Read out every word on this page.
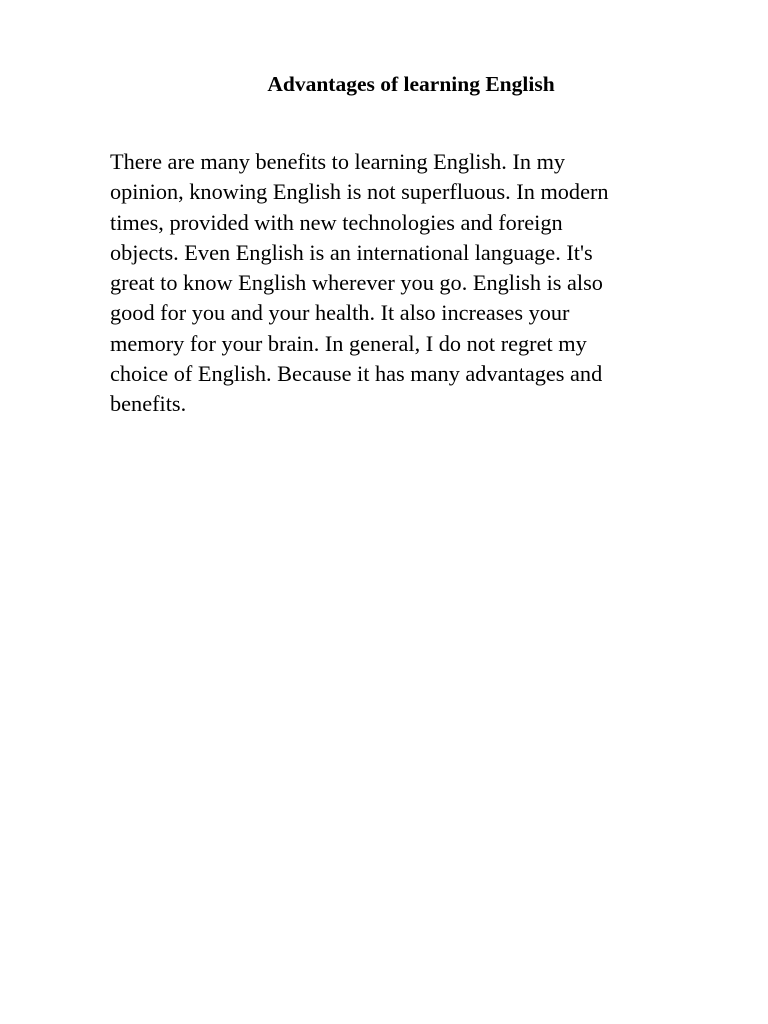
Advantages of learning English
There are many benefits to learning English. In my
opinion, knowing English is not superfluous. In modern
times, provided with new technologies and foreign
objects. Even English is an international language. It's
great to know English wherever you go. English is also
good for you and your health. It also increases your
memory for your brain. In general, I do not regret my
choice of English. Because it has many advantages and
benefits.
